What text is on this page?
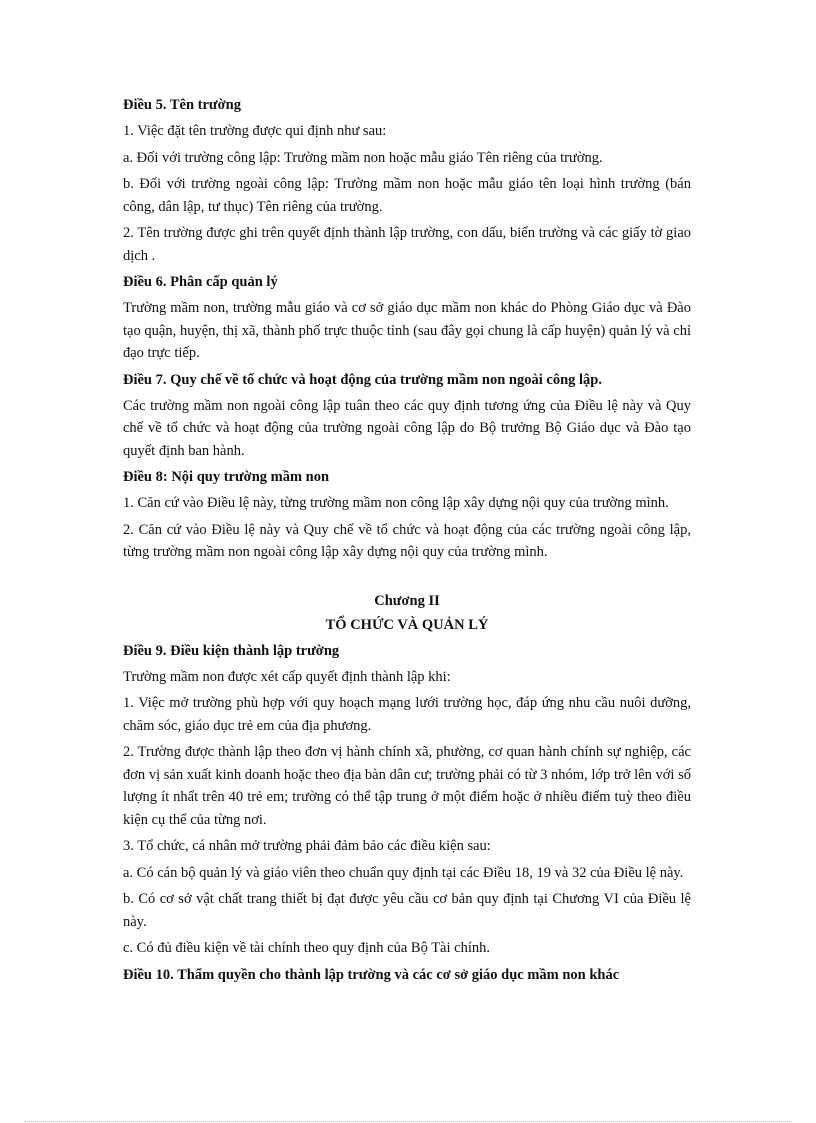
Điều 5. Tên trường
1. Việc đặt tên trường được qui định như sau:
a. Đối với trường công lập: Trường mầm non hoặc mẫu giáo Tên riêng của trường.
b. Đối với trường ngoài công lập: Trường mầm non hoặc mẫu giáo tên loại hình trường (bán công, dân lập, tư thục) Tên riêng của trường.
2. Tên trường được ghi trên quyết định thành lập trường, con dấu, biển trường và các giấy tờ giao dịch .
Điều 6. Phân cấp quản lý
Trường mầm non, trường mẫu giáo và cơ sở giáo dục mầm non khác do Phòng Giáo dục và Đào tạo quận, huyện, thị xã, thành phố trực thuộc tỉnh (sau đây gọi chung là cấp huyện) quản lý và chỉ đạo trực tiếp.
Điều 7. Quy chế về tổ chức và hoạt động của trường mầm non ngoài công lập.
Các trường mầm non ngoài công lập tuân theo các quy định tương ứng của Điều lệ này và Quy chế về tổ chức và hoạt động của trường ngoài công lập do Bộ trưởng Bộ Giáo dục và Đào tạo quyết định ban hành.
Điều 8: Nội quy trường mầm non
1. Căn cứ vào Điều lệ này, từng trường mầm non công lập xây dựng nội quy của trường mình.
2. Căn cứ vào Điều lệ này và Quy chế về tổ chức và hoạt động của các trường ngoài công lập, từng trường mầm non ngoài công lập xây dựng nội quy của trường mình.
Chương II
TỔ CHỨC VÀ QUẢN LÝ
Điều 9. Điều kiện thành lập trường
Trường mầm non được xét cấp quyết định thành lập khi:
1. Việc mở trường phù hợp với quy hoạch mạng lưới trường học, đáp ứng nhu cầu nuôi dưỡng, chăm sóc, giáo dục trẻ em của địa phương.
2. Trường được thành lập theo đơn vị hành chính xã, phường, cơ quan hành chính sự nghiệp, các đơn vị sản xuất kinh doanh hoặc theo địa bàn dân cư; trường phải có từ 3 nhóm, lớp trở lên với số lượng ít nhất trên 40 trẻ em; trường có thể tập trung ở một điểm hoặc ở nhiều điểm tuỳ theo điều kiện cụ thể của từng nơi.
3. Tổ chức, cá nhân mở trường phải đảm bảo các điều kiện sau:
a. Có cán bộ quản lý và giáo viên theo chuẩn quy định tại các Điều 18, 19 và 32 của Điều lệ này.
b. Có cơ sở vật chất trang thiết bị đạt được yêu cầu cơ bản quy định tại Chương VI của Điều lệ này.
c. Có đủ điều kiện về tài chính theo quy định của Bộ Tài chính.
Điều 10. Thẩm quyền cho thành lập trường và các cơ sở giáo dục mầm non khác
